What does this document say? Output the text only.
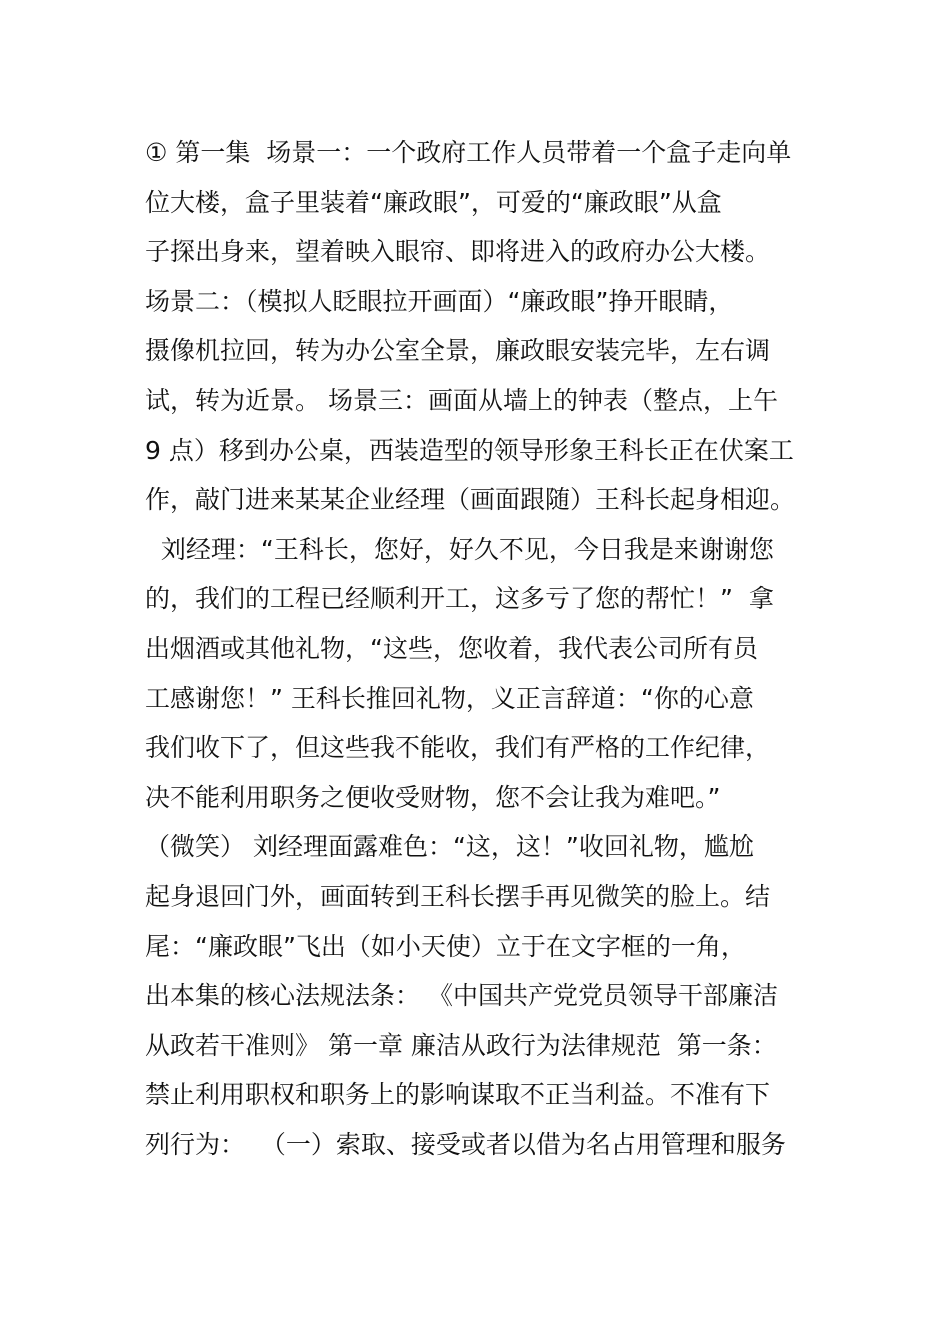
① 第一集  场景一：一个政府工作人员带着一个盒子走向单
位大楼，盒子里装着“廉政眼”，可爱的“廉政眼”从盒
子探出身来，望着映入眼帘、即将进入的政府办公大楼。
场景二：（模拟人眨眼拉开画面）“廉政眼”挣开眼睛，
摄像机拉回，转为办公室全景，廉政眼安装完毕，左右调
试，转为近景。 场景三：画面从墙上的钟表（整点，上午
9 点）移到办公桌，西装造型的领导形象王科长正在伏案工
作，敲门进来某某企业经理（画面跟随）王科长起身相迎。
刘经理：“王科长，您好，好久不见，今日我是来谢谢您
的，我们的工程已经顺利开工，这多亏了您的帮忙！”  拿
出烟酒或其他礼物，“这些，您收着，我代表公司所有员
工感谢您！” 王科长推回礼物，义正言辞道：“你的心意
我们收下了，但这些我不能收，我们有严格的工作纪律，
决不能利用职务之便收受财物，您不会让我为难吧。”
（微笑） 刘经理面露难色：“这，这！”收回礼物，尴尬
起身退回门外，画面转到王科长摆手再见微笑的脸上。结
尾：“廉政眼”飞出（如小天使）立于在文字框的一角，
出本集的核心法规法条： 《中国共产党党员领导干部廉洁
从政若干准则》 第一章 廉洁从政行为法律规范  第一条：
禁止利用职权和职务上的影响谋取不正当利益。不准有下
列行为：  （一）索取、接受或者以借为名占用管理和服务
